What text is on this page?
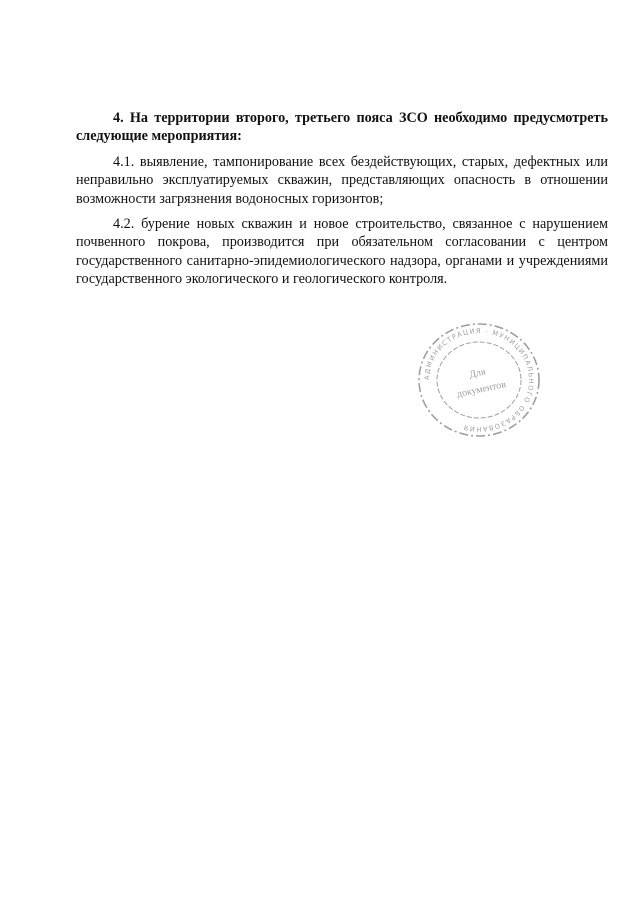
4. На территории второго, третьего пояса ЗСО необходимо предусмотреть следующие мероприятия:

4.1. выявление, тампонирование всех бездействующих, старых, дефектных или неправильно эксплуатируемых скважин, представляющих опасность в отношении возможности загрязнения водоносных горизонтов;

4.2. бурение новых скважин и новое строительство, связанное с нарушением почвенного покрова, производится при обязательном согласовании с центром государственного санитарно-эпидемиологического надзора, органами и учреждениями государственного экологического и геологического контроля.

АДМИНИСТРАЦИЯ · МУНИЦИПАЛЬНОГО ОБРАЗОВАНИЯ
Для
документов
